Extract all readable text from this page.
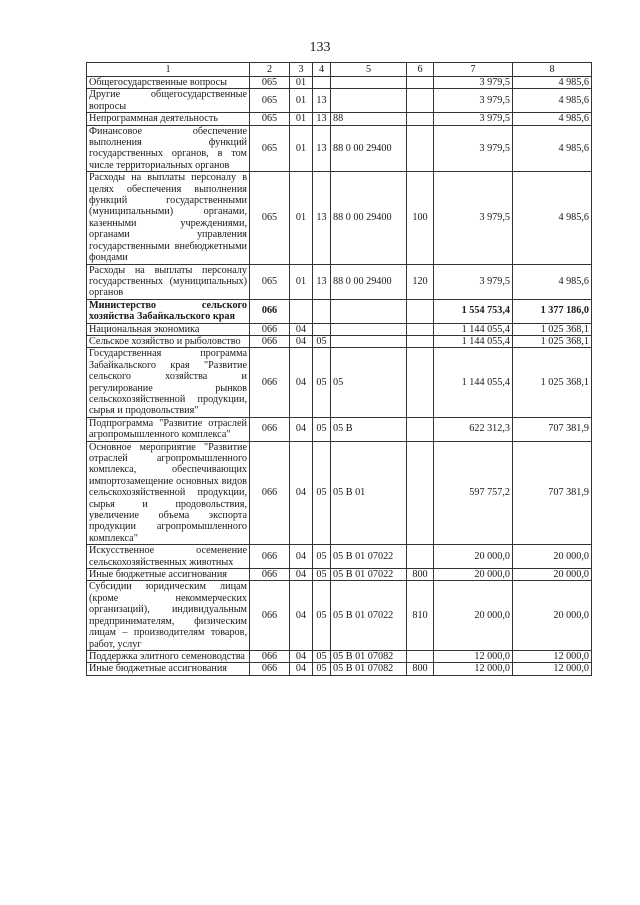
133
1	2	3	4	5	6	7	8
Общегосударственные вопросы	065	01				3 979,5	4 985,6
Другие общегосударственные вопросы	065	01	13			3 979,5	4 985,6
Непрограммная деятельность	065	01	13	88		3 979,5	4 985,6
Финансовое обеспечение выполнения функций государственных органов, в том числе территориальных органов	065	01	13	88 0 00 29400		3 979,5	4 985,6
Расходы на выплаты персоналу в целях обеспечения выполнения функций государственными (муниципальными) органами, казенными учреждениями, органами управления государственными внебюджетными фондами	065	01	13	88 0 00 29400	100	3 979,5	4 985,6
Расходы на выплаты персоналу государственных (муниципальных) органов	065	01	13	88 0 00 29400	120	3 979,5	4 985,6
Министерство сельского хозяйства Забайкальского края	066					1 554 753,4	1 377 186,0
Национальная экономика	066	04				1 144 055,4	1 025 368,1
Сельское хозяйство и рыболовство	066	04	05			1 144 055,4	1 025 368,1
Государственная программа Забайкальского края "Развитие сельского хозяйства и регулирование рынков сельскохозяйственной продукции, сырья и продовольствия"	066	04	05	05		1 144 055,4	1 025 368,1
Подпрограмма "Развитие отраслей агропромышленного комплекса"	066	04	05	05 В		622 312,3	707 381,9
Основное мероприятие "Развитие отраслей агропромышленного комплекса, обеспечивающих импортозамещение основных видов сельскохозяйственной продукции, сырья и продовольствия, увеличение объема экспорта продукции агропромышленного комплекса"	066	04	05	05 В 01		597 757,2	707 381,9
Искусственное осеменение сельскохозяйственных животных	066	04	05	05 В 01 07022		20 000,0	20 000,0
Иные бюджетные ассигнования	066	04	05	05 В 01 07022	800	20 000,0	20 000,0
Субсидии юридическим лицам (кроме некоммерческих организаций), индивидуальным предпринимателям, физическим лицам – производителям товаров, работ, услуг	066	04	05	05 В 01 07022	810	20 000,0	20 000,0
Поддержка элитного семеноводства	066	04	05	05 В 01 07082		12 000,0	12 000,0
Иные бюджетные ассигнования	066	04	05	05 В 01 07082	800	12 000,0	12 000,0
